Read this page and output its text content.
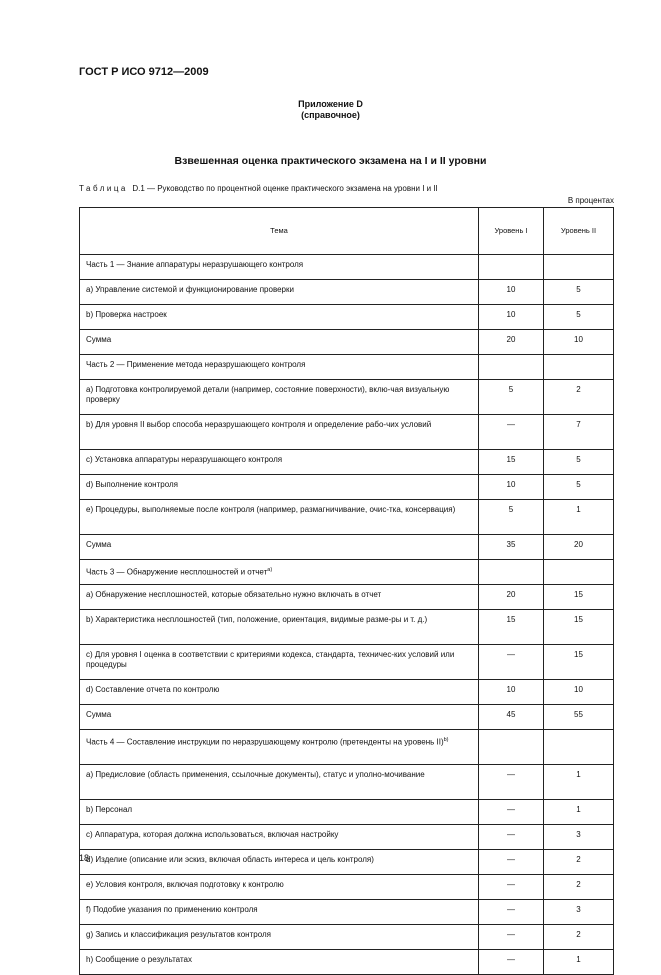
ГОСТ Р ИСО 9712—2009
Приложение D
(справочное)
Взвешенная оценка практического экзамена на I и II уровни
Таблица D.1 — Руководство по процентной оценке практического экзамена на уровни I и II
В процентах
Тема	Уровень I	Уровень II
Часть 1 — Знание аппаратуры неразрушающего контроля		
a) Управление системой и функционирование проверки	10	5
b) Проверка настроек	10	5
Сумма	20	10
Часть 2 — Применение метода неразрушающего контроля		
a) Подготовка контролируемой детали (например, состояние поверхности), вклю-чая визуальную проверку	5	2
b) Для уровня II выбор способа неразрушающего контроля и определение рабо-чих условий	—	7
c) Установка аппаратуры неразрушающего контроля	15	5
d) Выполнение контроля	10	5
e) Процедуры, выполняемые после контроля (например, размагничивание, очис-тка, консервация)	5	1
Сумма	35	20
Часть 3 — Обнаружение несплошностей и отчет$^{а)}$		
a) Обнаружение несплошностей, которые обязательно нужно включать в отчет	20	15
b) Характеристика несплошностей (тип, положение, ориентация, видимые разме-ры и т. д.)	15	15
c) Для уровня I оценка в соответствии с критериями кодекса, стандарта, техничес-ких условий или процедуры	—	15
d) Составление отчета по контролю	10	10
Сумма	45	55
Часть 4 — Составление инструкции по неразрушающему контролю (претенденты на уровень II)$^{b)}$		
a) Предисловие (область применения, ссылочные документы), статус и уполно-мочивание	—	1
b) Персонал	—	1
c) Аппаратура, которая должна использоваться, включая настройку	—	3
d) Изделие (описание или эскиз, включая область интереса и цель контроля)	—	2
e) Условия контроля, включая подготовку к контролю	—	2
f) Подобие указания по применению контроля	—	3
g) Запись и классификация результатов контроля	—	2
h) Сообщение о результатах	—	1
18
